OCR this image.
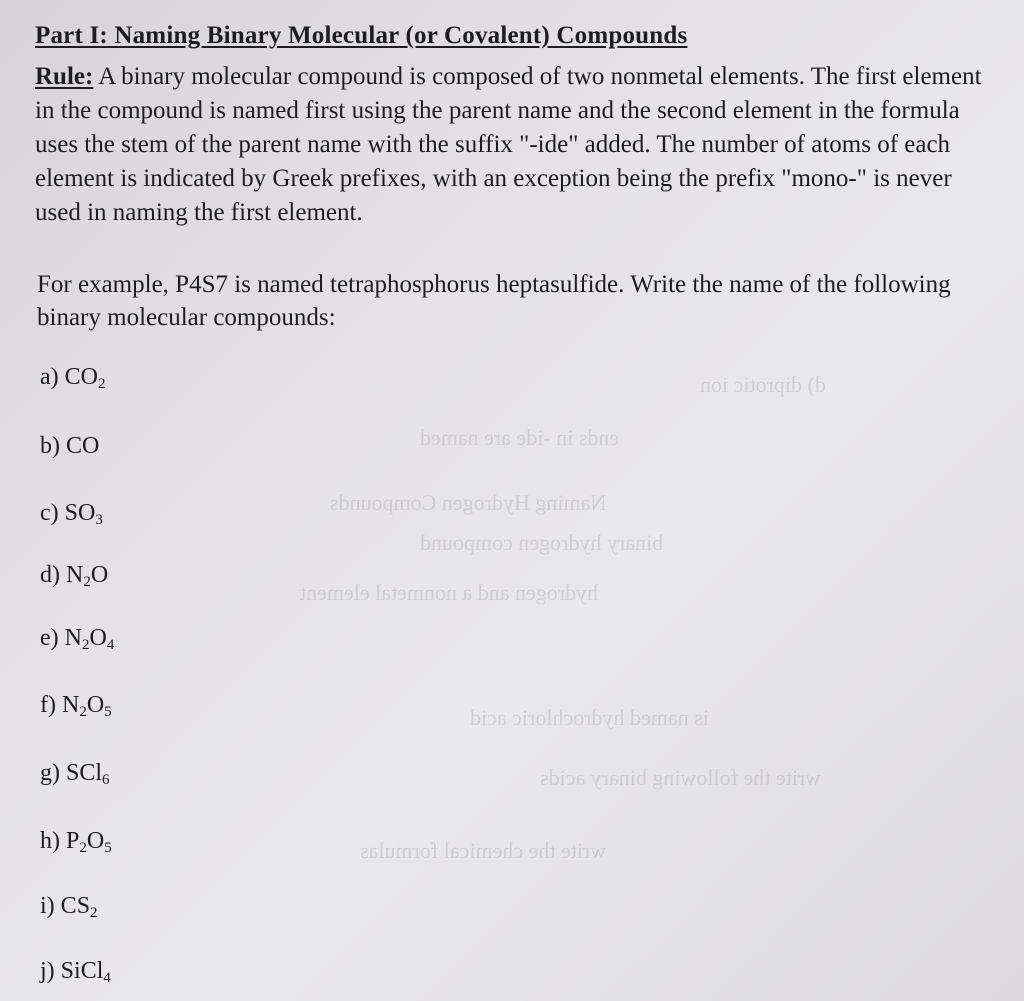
d) diprotic ion
ends in -ide are named
Naming Hydrogen Compounds
binary hydrogen compound
hydrogen and a nonmetal element
is named hydrochloric acid
write the following binary acids
write the chemical formulas
Part I: Naming Binary Molecular (or Covalent) Compounds
Rule: A binary molecular compound is composed of two nonmetal elements. The first element in the compound is named first using the parent name and the second element in the formula uses the stem of the parent name with the suffix "-ide" added. The number of atoms of each element is indicated by Greek prefixes, with an exception being the prefix "mono-" is never used in naming the first element.
For example, P4S7 is named tetraphosphorus heptasulfide. Write the name of the following binary molecular compounds:
a) $CO_2$
b) CO
c) $SO_3$
d) $N_2O$
e) $N_2O_4$
f) $N_2O_5$
g) SCl$_6$
h) $P_2O_5$
i) $CS_2$
j) SiCl$_4$
